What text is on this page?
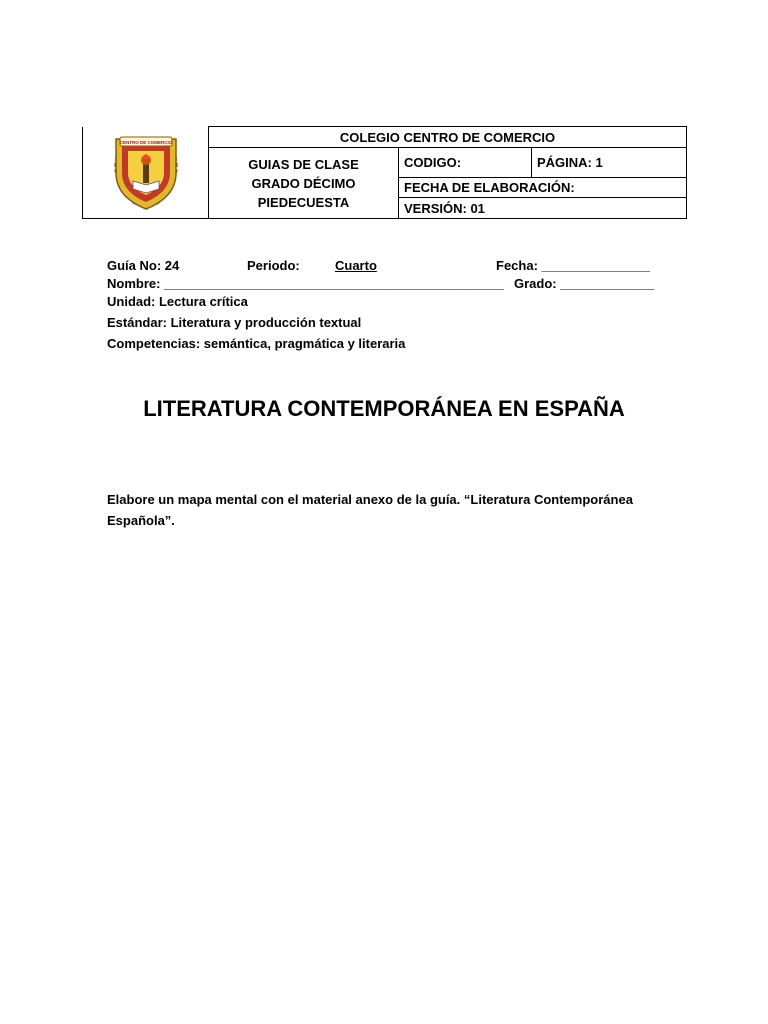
CENTRO DE COMERCIO	COLEGIO CENTRO DE COMERCIO		

	GUIAS DE CLASE
GRADO DÉCIMO
PIEDECUESTA	CODIGO:	PÁGINA: 1
		FECHA DE ELABORACIÓN:	
		VERSIÓN: 01	
Guía No: 24	Periodo:	Cuarto	Fecha: _______________
Nombre: _______________________________________________ Grado: _____________
Unidad: Lectura crítica
Estándar: Literatura y producción textual
Competencias: semántica, pragmática y literaria
LITERATURA CONTEMPORÁNEA EN ESPAÑA
Elabore un mapa mental con el material anexo de la guía. “Literatura Contemporánea Española”.
